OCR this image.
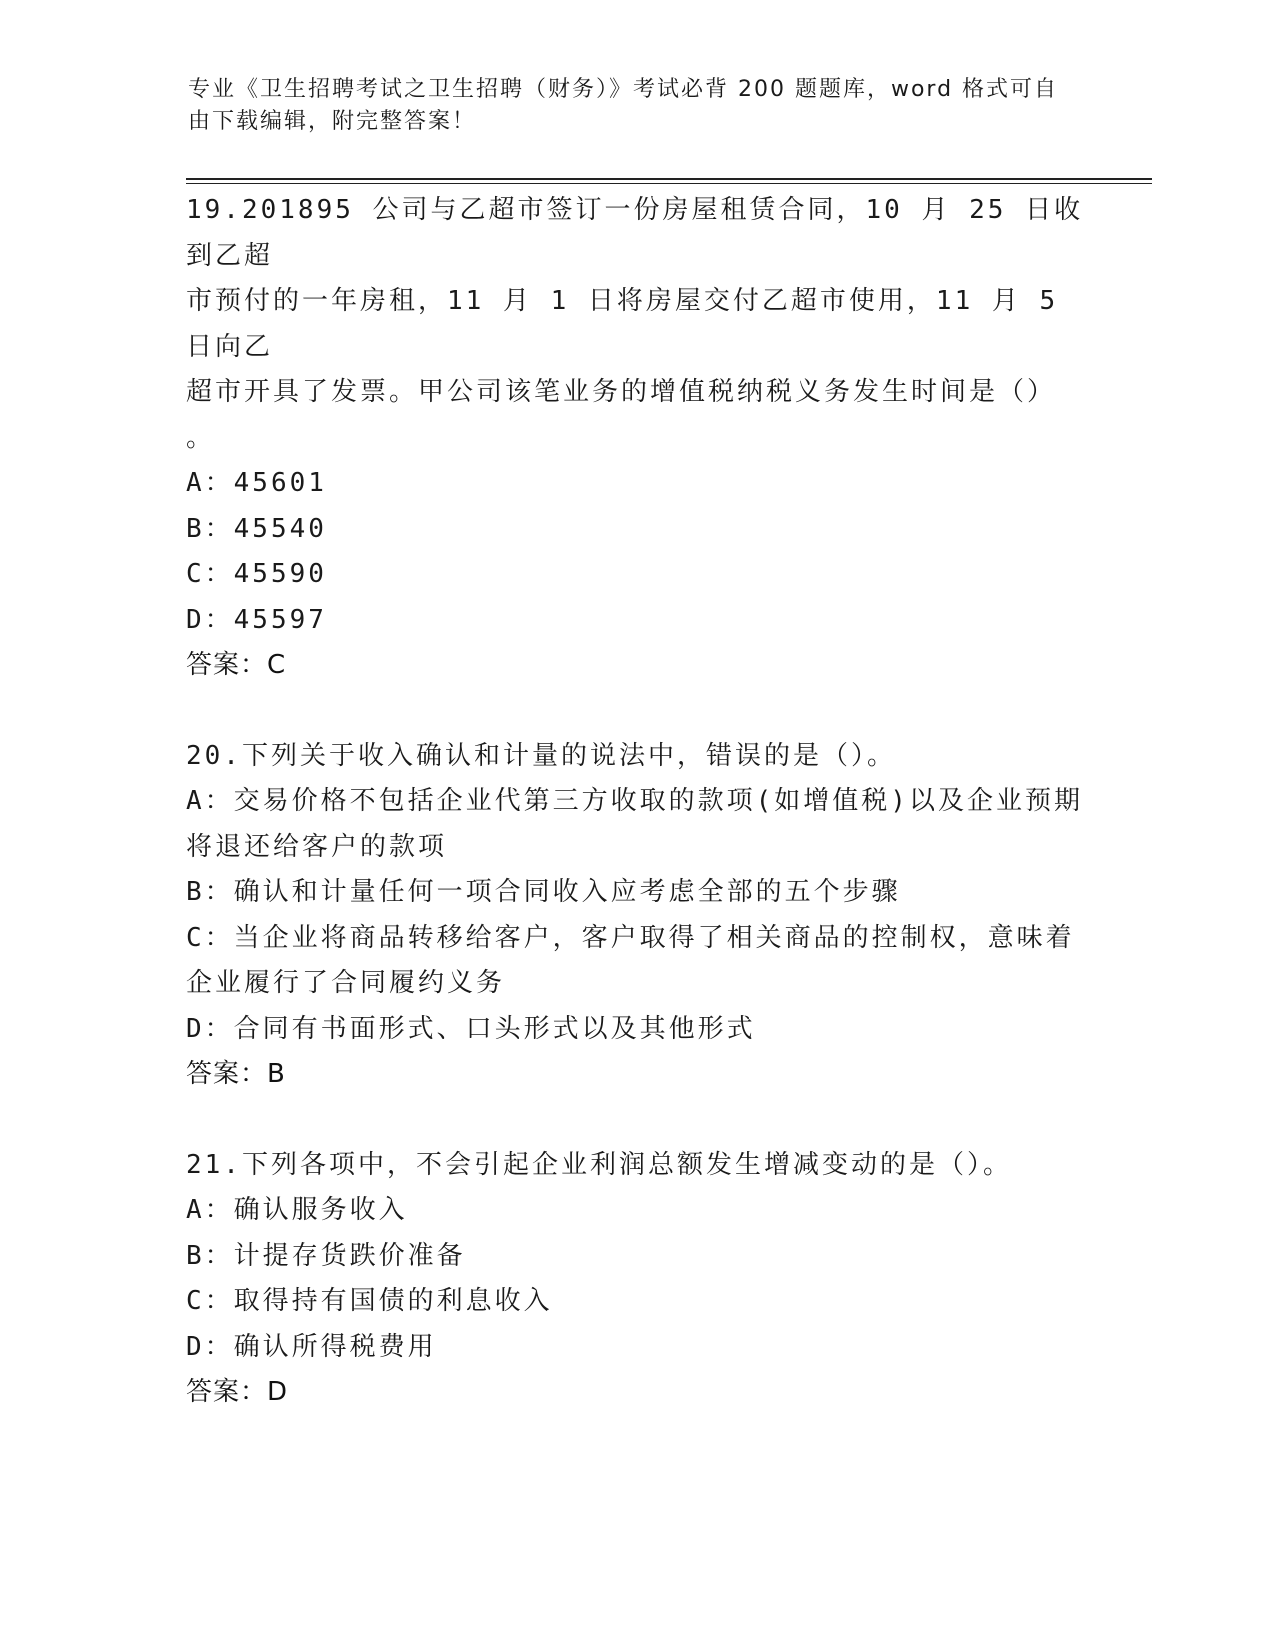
专业《卫生招聘考试之卫生招聘（财务）》考试必背 200 题题库，word 格式可自
由下载编辑，附完整答案！
19.201895 公司与乙超市签订一份房屋租赁合同，10 月 25 日收到乙超
市预付的一年房租，11 月 1 日将房屋交付乙超市使用，11 月 5 日向乙
超市开具了发票。甲公司该笔业务的增值税纳税义务发生时间是（）
。
A：45601
B：45540
C：45590
D：45597
答案：C
20.下列关于收入确认和计量的说法中，错误的是（）。
A：交易价格不包括企业代第三方收取的款项(如增值税)以及企业预期
将退还给客户的款项
B：确认和计量任何一项合同收入应考虑全部的五个步骤
C：当企业将商品转移给客户，客户取得了相关商品的控制权，意味着
企业履行了合同履约义务
D：合同有书面形式、口头形式以及其他形式
答案：B
21.下列各项中，不会引起企业利润总额发生增减变动的是（）。
A：确认服务收入
B：计提存货跌价准备
C：取得持有国债的利息收入
D：确认所得税费用
答案：D
